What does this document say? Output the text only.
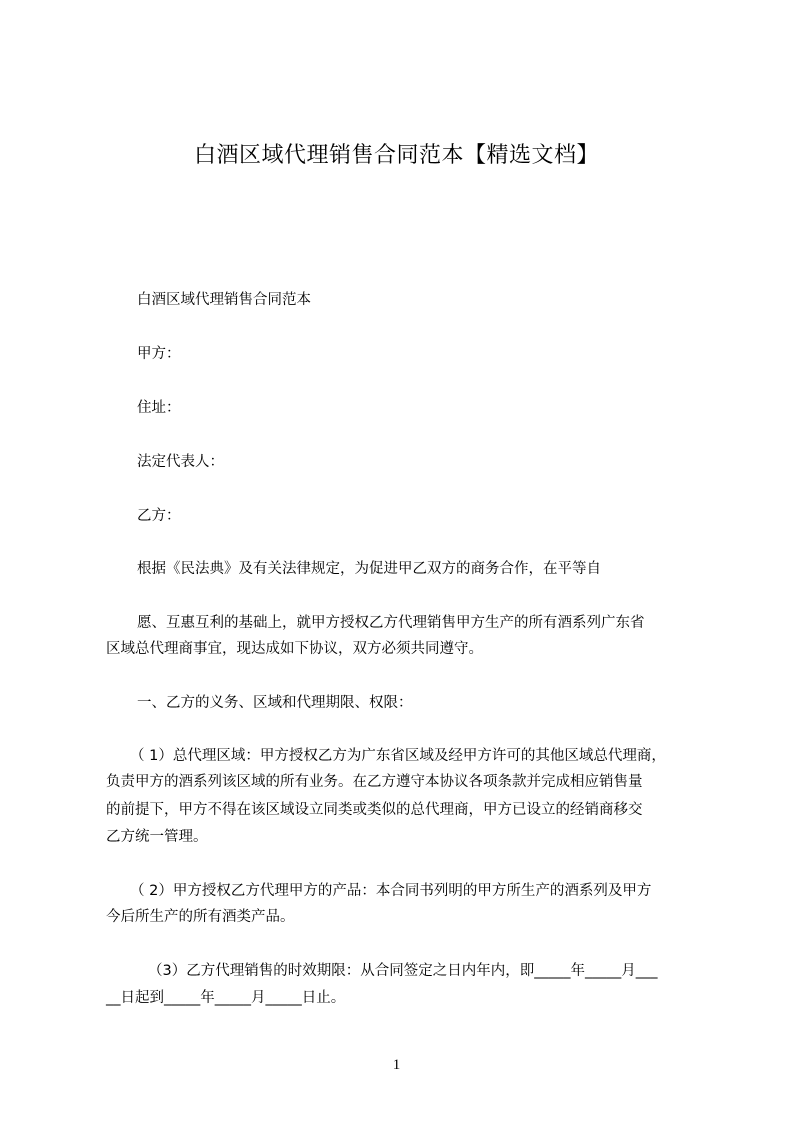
白酒区域代理销售合同范本【精选文档】
白酒区域代理销售合同范本
甲方：
住址：
法定代表人：
乙方：
根据《民法典》及有关法律规定，为促进甲乙双方的商务合作，在平等自
愿、互惠互利的基础上，就甲方授权乙方代理销售甲方生产的所有酒系列广东省
区域总代理商事宜，现达成如下协议，双方必须共同遵守。
一、乙方的义务、区域和代理期限、权限：
（ 1）总代理区域：甲方授权乙方为广东省区域及经甲方许可的其他区域总代理商，
负责甲方的酒系列该区域的所有业务。在乙方遵守本协议各项条款并完成相应销售量
的前提下，甲方不得在该区域设立同类或类似的总代理商，甲方已设立的经销商移交
乙方统一管理。
（ 2）甲方授权乙方代理甲方的产品：本合同书列明的甲方所生产的酒系列及甲方
今后所生产的所有酒类产品。
（3）乙方代理销售的时效期限：从合同签定之日内年内，即_____年_____月___
__日起到_____年_____月_____日止。
1
